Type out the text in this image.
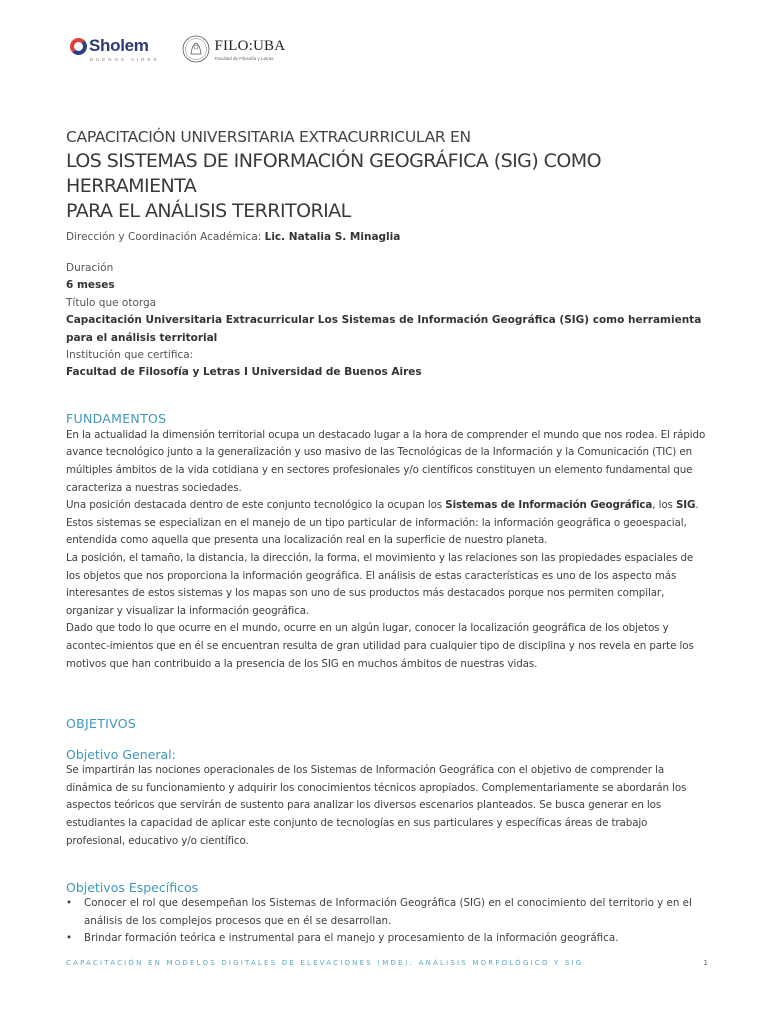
Sholem
BUENOS AIRES
FILO:UBA
Facultad de Filosofía y Letras
CAPACITACIÓN UNIVERSITARIA EXTRACURRICULAR EN
LOS SISTEMAS DE INFORMACIÓN GEOGRÁFICA (SIG) COMO HERRAMIENTA
PARA EL ANÁLISIS TERRITORIAL
Dirección y Coordinación Académica: Lic. Natalia S. Minaglia
Duración
6 meses
Título que otorga
Capacitación Universitaria Extracurricular Los Sistemas de Información Geográfica (SIG) como herramienta para el análisis territorial
Institución que certifica:
Facultad de Filosofía y Letras I Universidad de Buenos Aires
FUNDAMENTOS
En la actualidad la dimensión territorial ocupa un destacado lugar a la hora de comprender el mundo que nos rodea. El rápido avance tecnológico junto a la generalización y uso masivo de las Tecnológicas de la Información y la Comunicación (TIC) en múltiples ámbitos de la vida cotidiana y en sectores profesionales y/o científicos constituyen un elemento fundamental que caracteriza a nuestras sociedades.
Una posición destacada dentro de este conjunto tecnológico la ocupan los Sistemas de Información Geográfica, los SIG. Estos sistemas se especializan en el manejo de un tipo particular de información: la información geográfica o geoespacial, entendida como aquella que presenta una localización real en la superficie de nuestro planeta.
La posición, el tamaño, la distancia, la dirección, la forma, el movimiento y las relaciones son las propiedades espaciales de los objetos que nos proporciona la información geográfica. El análisis de estas características es uno de los aspecto más interesantes de estos sistemas y los mapas son uno de sus productos más destacados porque nos permiten compilar, organizar y visualizar la información geográfica.
Dado que todo lo que ocurre en el mundo, ocurre en un algún lugar, conocer la localización geográfica de los objetos y acontec-imientos que en él se encuentran resulta de gran utilidad para cualquier tipo de disciplina y nos revela en parte los motivos que han contribuido a la presencia de los SIG en muchos ámbitos de nuestras vidas.
OBJETIVOS
Objetivo General:
Se impartirán las nociones operacionales de los Sistemas de Información Geográfica con el objetivo de comprender la dinámica de su funcionamiento y adquirir los conocimientos técnicos apropiados. Complementariamente se abordarán los aspectos teóricos que servirán de sustento para analizar los diversos escenarios planteados. Se busca generar en los estudiantes la capacidad de aplicar este conjunto de tecnologías en sus particulares y específicas áreas de trabajo profesional, educativo y/o científico.
Objetivos Específicos
• Conocer el rol que desempeñan los Sistemas de Información Geográfica (SIG) en el conocimiento del territorio y en el análisis de los complejos procesos que en él se desarrollan.
• Brindar formación teórica e instrumental para el manejo y procesamiento de la información geográfica.
CAPACITACIÓN EN MODELOS DIGITALES DE ELEVACIONES (MDE): ANÁLISIS MORFOLÓGICO Y SIG	1
